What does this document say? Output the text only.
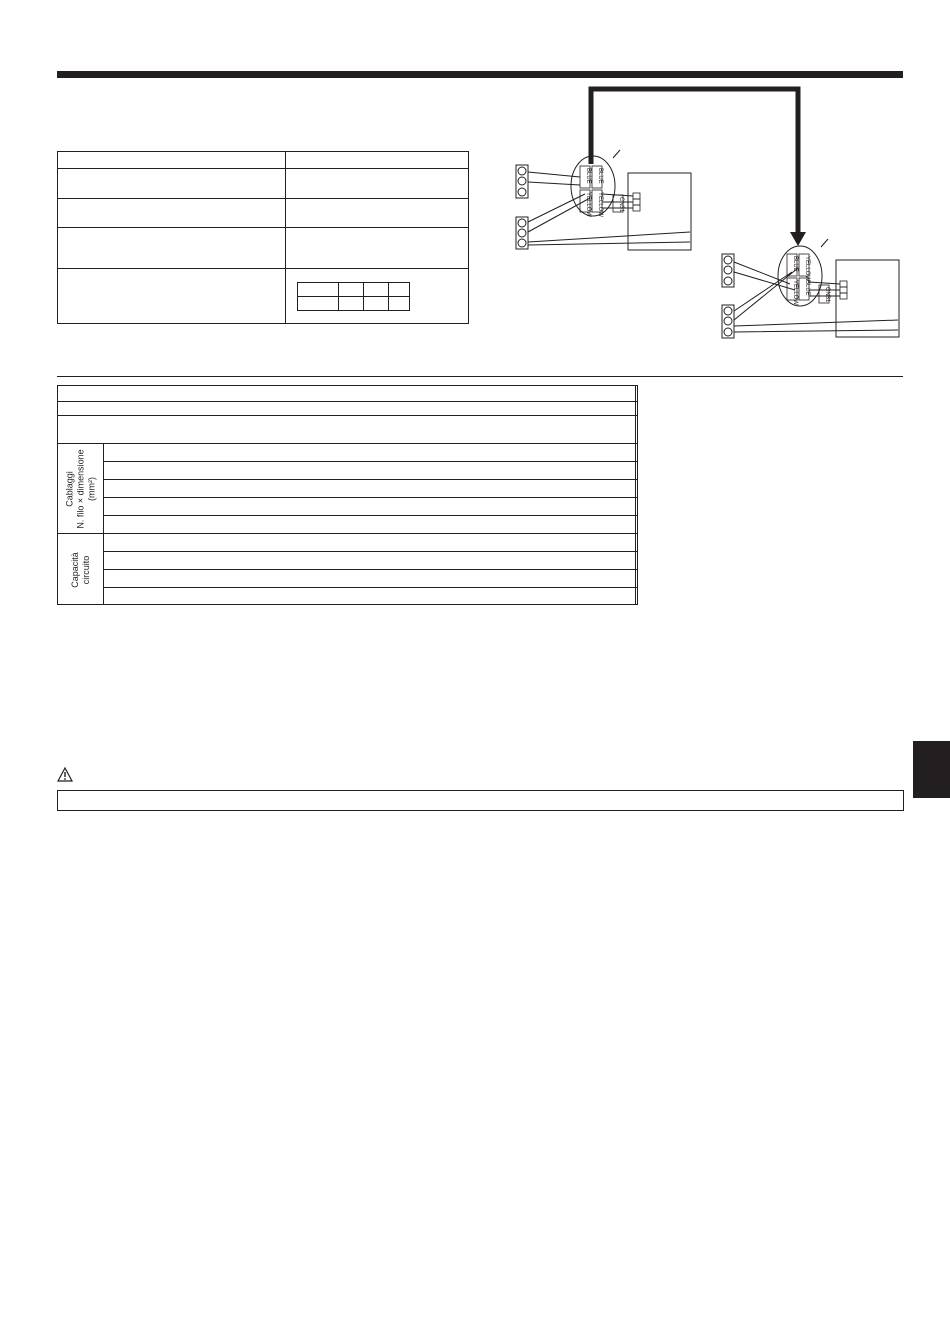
BLUE BLUE
YELLOW YELLOW	CN31
BLUE YELLOW
YELLOW BLUE CN31

Cablaggi N. filo × dimensione (mm²)		

Capacità circuito		
